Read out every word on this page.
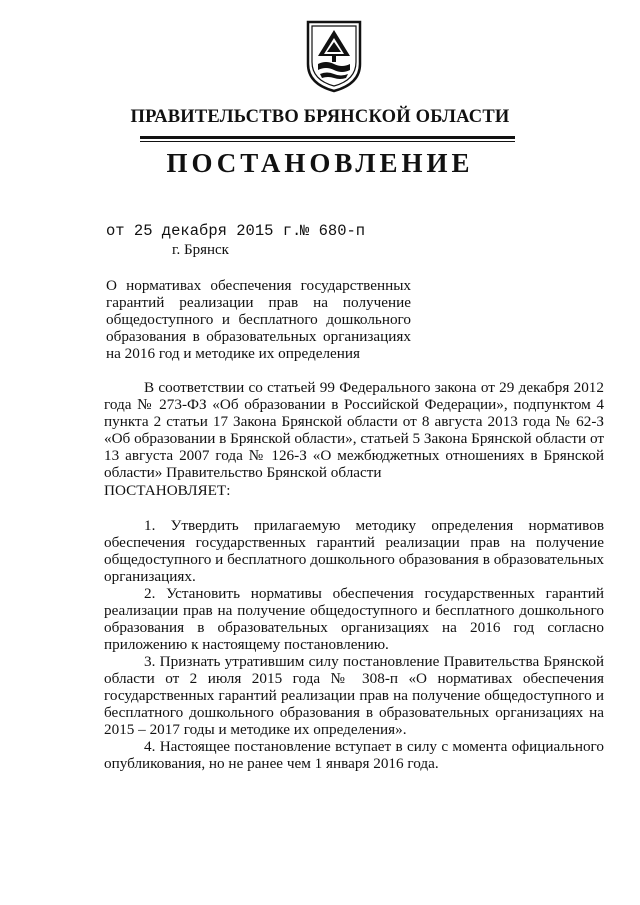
ПРАВИТЕЛЬСТВО БРЯНСКОЙ ОБЛАСТИ
ПОСТАНОВЛЕНИЕ
от 25 декабря 2015 г.
№ 680-п
г. Брянск
О нормативах обеспечения государственных гарантий реализации прав на получение общедоступного и бесплатного дошкольного образования в образовательных организациях на 2016 год и методике их определения
В соответствии со статьей 99 Федерального закона от 29 декабря 2012 года № 273-ФЗ «Об образовании в Российской Федерации», подпунктом 4 пункта 2 статьи 17 Закона Брянской области от 8 августа 2013 года № 62-З «Об образовании в Брянской области», статьей 5 Закона Брянской области от 13 августа 2007 года № 126-З «О межбюджетных отношениях в Брянской области» Правительство Брянской области
ПОСТАНОВЛЯЕТ:

1. Утвердить прилагаемую методику определения нормативов обеспечения государственных гарантий реализации прав на получение общедоступного и бесплатного дошкольного образования в образовательных организациях.

2. Установить нормативы обеспечения государственных гарантий реализации прав на получение общедоступного и бесплатного дошкольного образования в образовательных организациях на 2016 год согласно приложению к настоящему постановлению.

3. Признать утратившим силу постановление Правительства Брянской области от 2 июля 2015 года № 308-п «О нормативах обеспечения государственных гарантий реализации прав на получение общедоступного и бесплатного дошкольного образования в образовательных организациях на 2015 – 2017 годы и методике их определения».

4. Настоящее постановление вступает в силу с момента официального опубликования, но не ранее чем 1 января 2016 года.
